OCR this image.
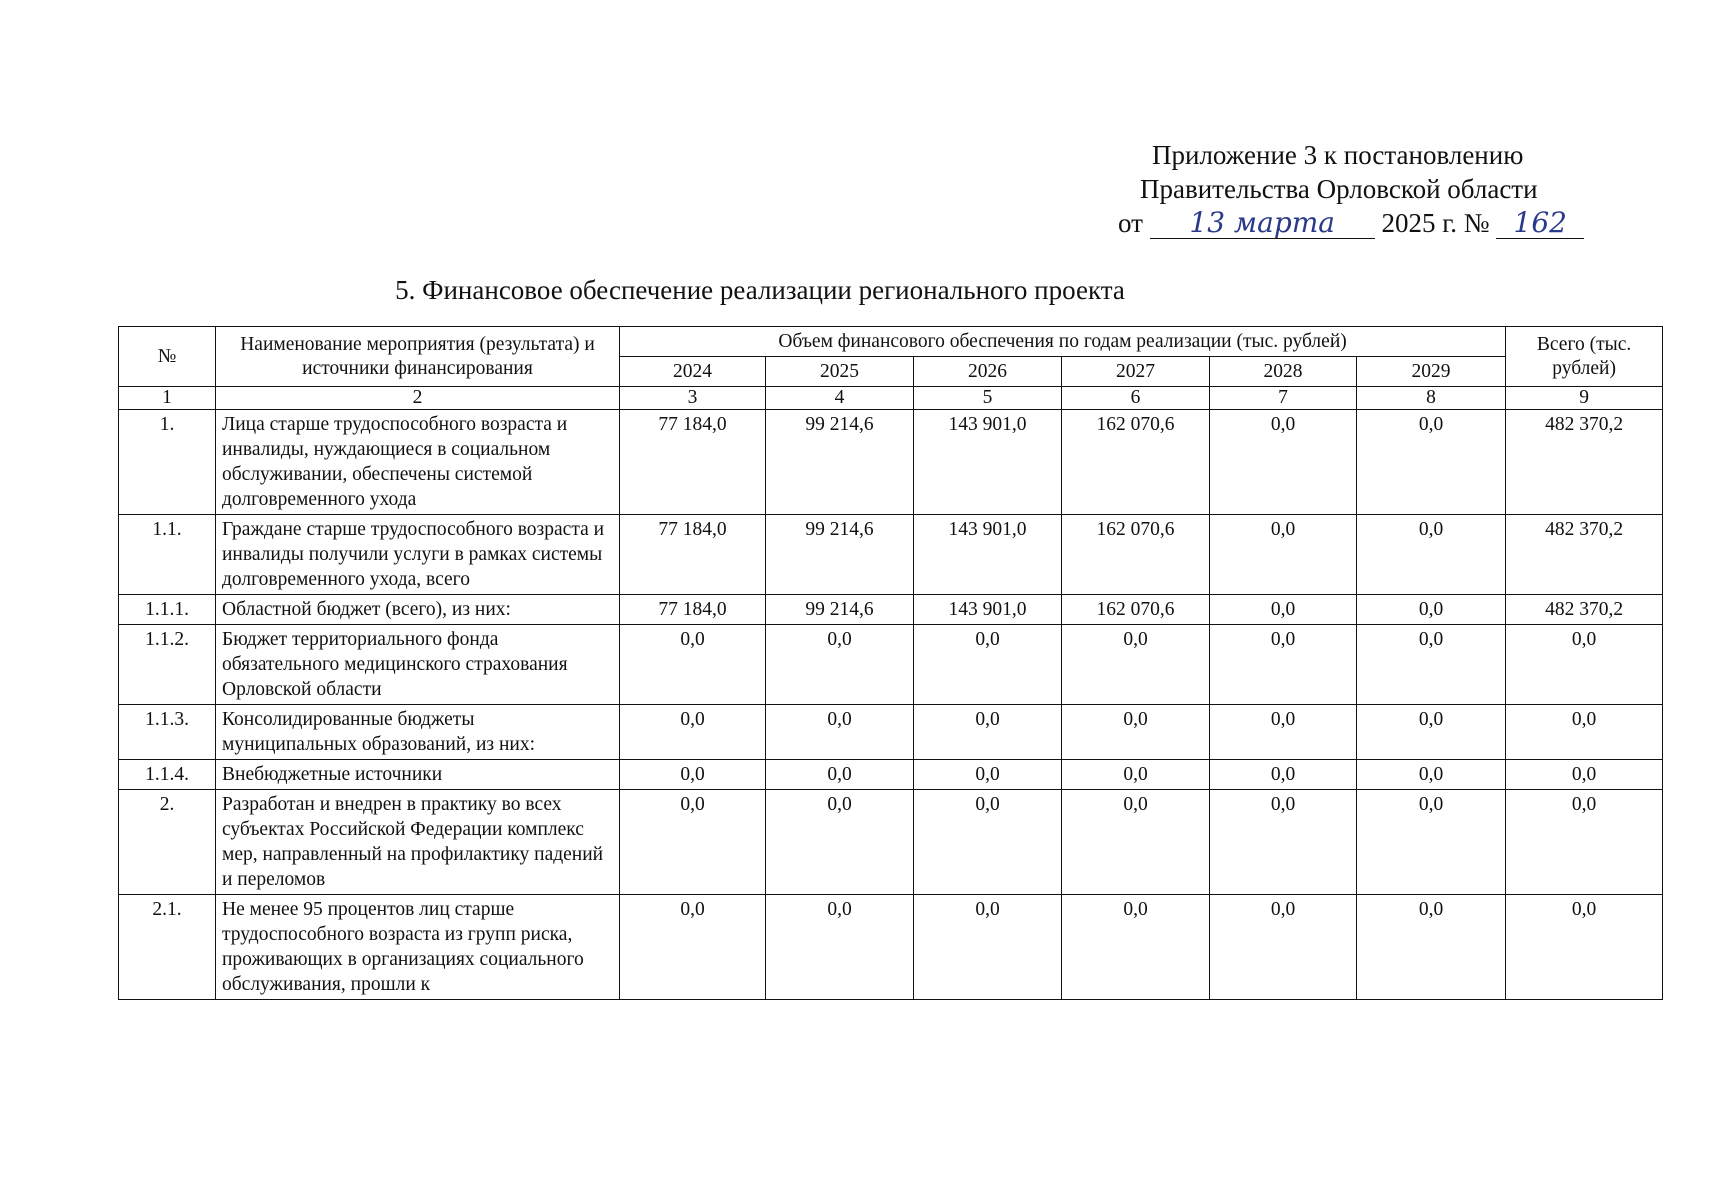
Приложение 3 к постановлению
Правительства Орловской области
от 13 марта 2025 г. № 162
5. Финансовое обеспечение реализации регионального проекта
№	Наименование мероприятия (результата) и источники финансирования	Объем финансового обеспечения по годам реализации (тыс. рублей)						Всего (тыс. рублей)
		2024	2025	2026	2027	2028	2029	
1	2	3	4	5	6	7	8	9
1.	Лица старше трудоспособного возраста и инвалиды, нуждающиеся в социальном обслуживании, обеспечены системой долговременного ухода	77 184,0	99 214,6	143 901,0	162 070,6	0,0	0,0	482 370,2
1.1.	Граждане старше трудоспособного возраста и инвалиды получили услуги в рамках системы долговременного ухода, всего	77 184,0	99 214,6	143 901,0	162 070,6	0,0	0,0	482 370,2
1.1.1.	Областной бюджет (всего), из них:	77 184,0	99 214,6	143 901,0	162 070,6	0,0	0,0	482 370,2
1.1.2.	Бюджет территориального фонда обязательного медицинского страхования Орловской области	0,0	0,0	0,0	0,0	0,0	0,0	0,0
1.1.3.	Консолидированные бюджеты муниципальных образований, из них:	0,0	0,0	0,0	0,0	0,0	0,0	0,0
1.1.4.	Внебюджетные источники	0,0	0,0	0,0	0,0	0,0	0,0	0,0
2.	Разработан и внедрен в практику во всех субъектах Российской Федерации комплекс мер, направленный на профилактику падений и переломов	0,0	0,0	0,0	0,0	0,0	0,0	0,0
2.1.	Не менее 95 процентов лиц старше трудоспособного возраста из групп риска, проживающих в организациях социального обслуживания, прошли к	0,0	0,0	0,0	0,0	0,0	0,0	0,0
